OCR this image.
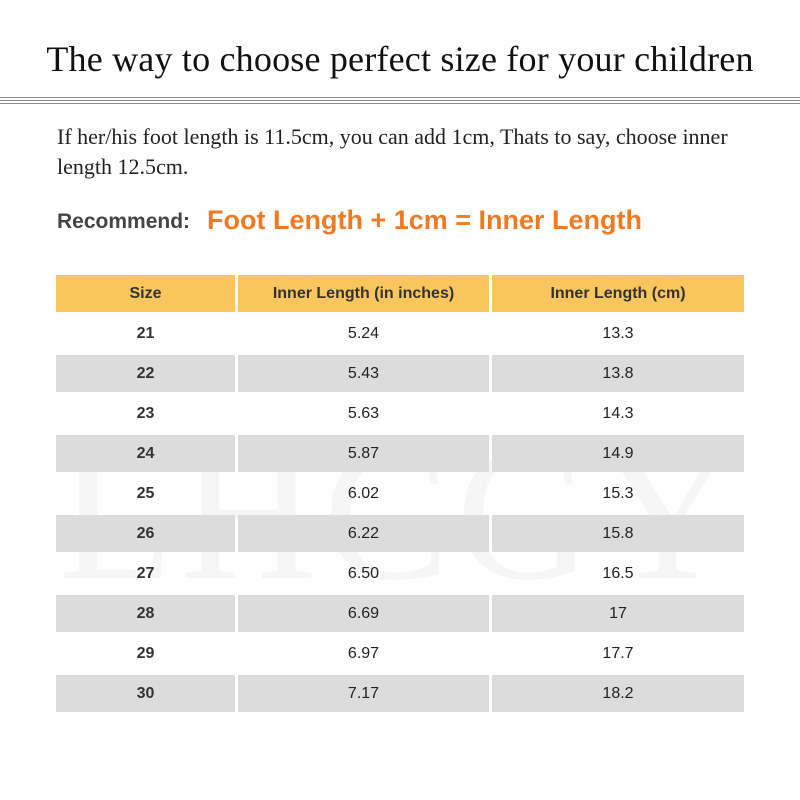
The way to choose perfect size for your children
If her/his foot length is 11.5cm, you can add 1cm, Thats to say, choose inner length 12.5cm.
Recommend: Foot Length + 1cm = Inner Length
Size	Inner Length (in inches)	Inner Length (cm)
21	5.24	13.3
22	5.43	13.8
23	5.63	14.3
24	5.87	14.9
25	6.02	15.3
26	6.22	15.8
27	6.50	16.5
28	6.69	17
29	6.97	17.7
30	7.17	18.2
